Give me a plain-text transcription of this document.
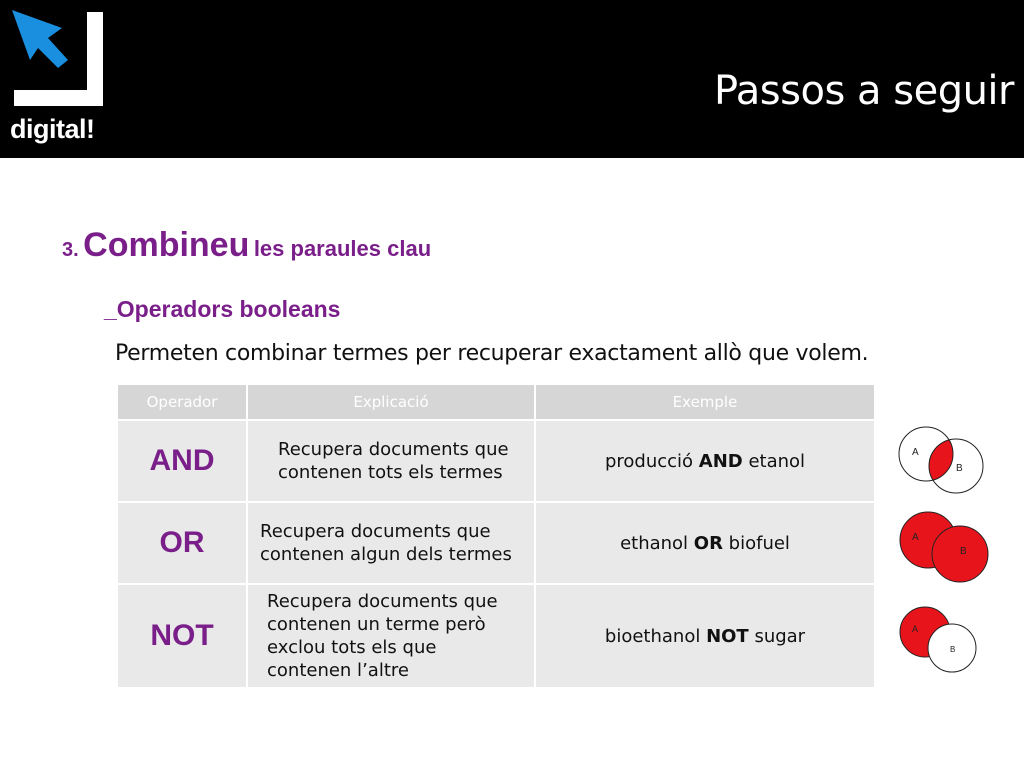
digital!
Passos a seguir
3. Combineu les paraules clau
_Operadors booleans
Permeten combinar termes per recuperar exactament allò que volem.
Operador	Explicació	Exemple
AND	Recupera documents que contenen tots els termes	producció AND etanol
OR	Recupera documents que contenen algun dels termes	ethanol OR biofuel
NOT	Recupera documents que contenen un terme però exclou tots els que contenen l’altre	bioethanol NOT sugar
A
B
A
B
A
B
